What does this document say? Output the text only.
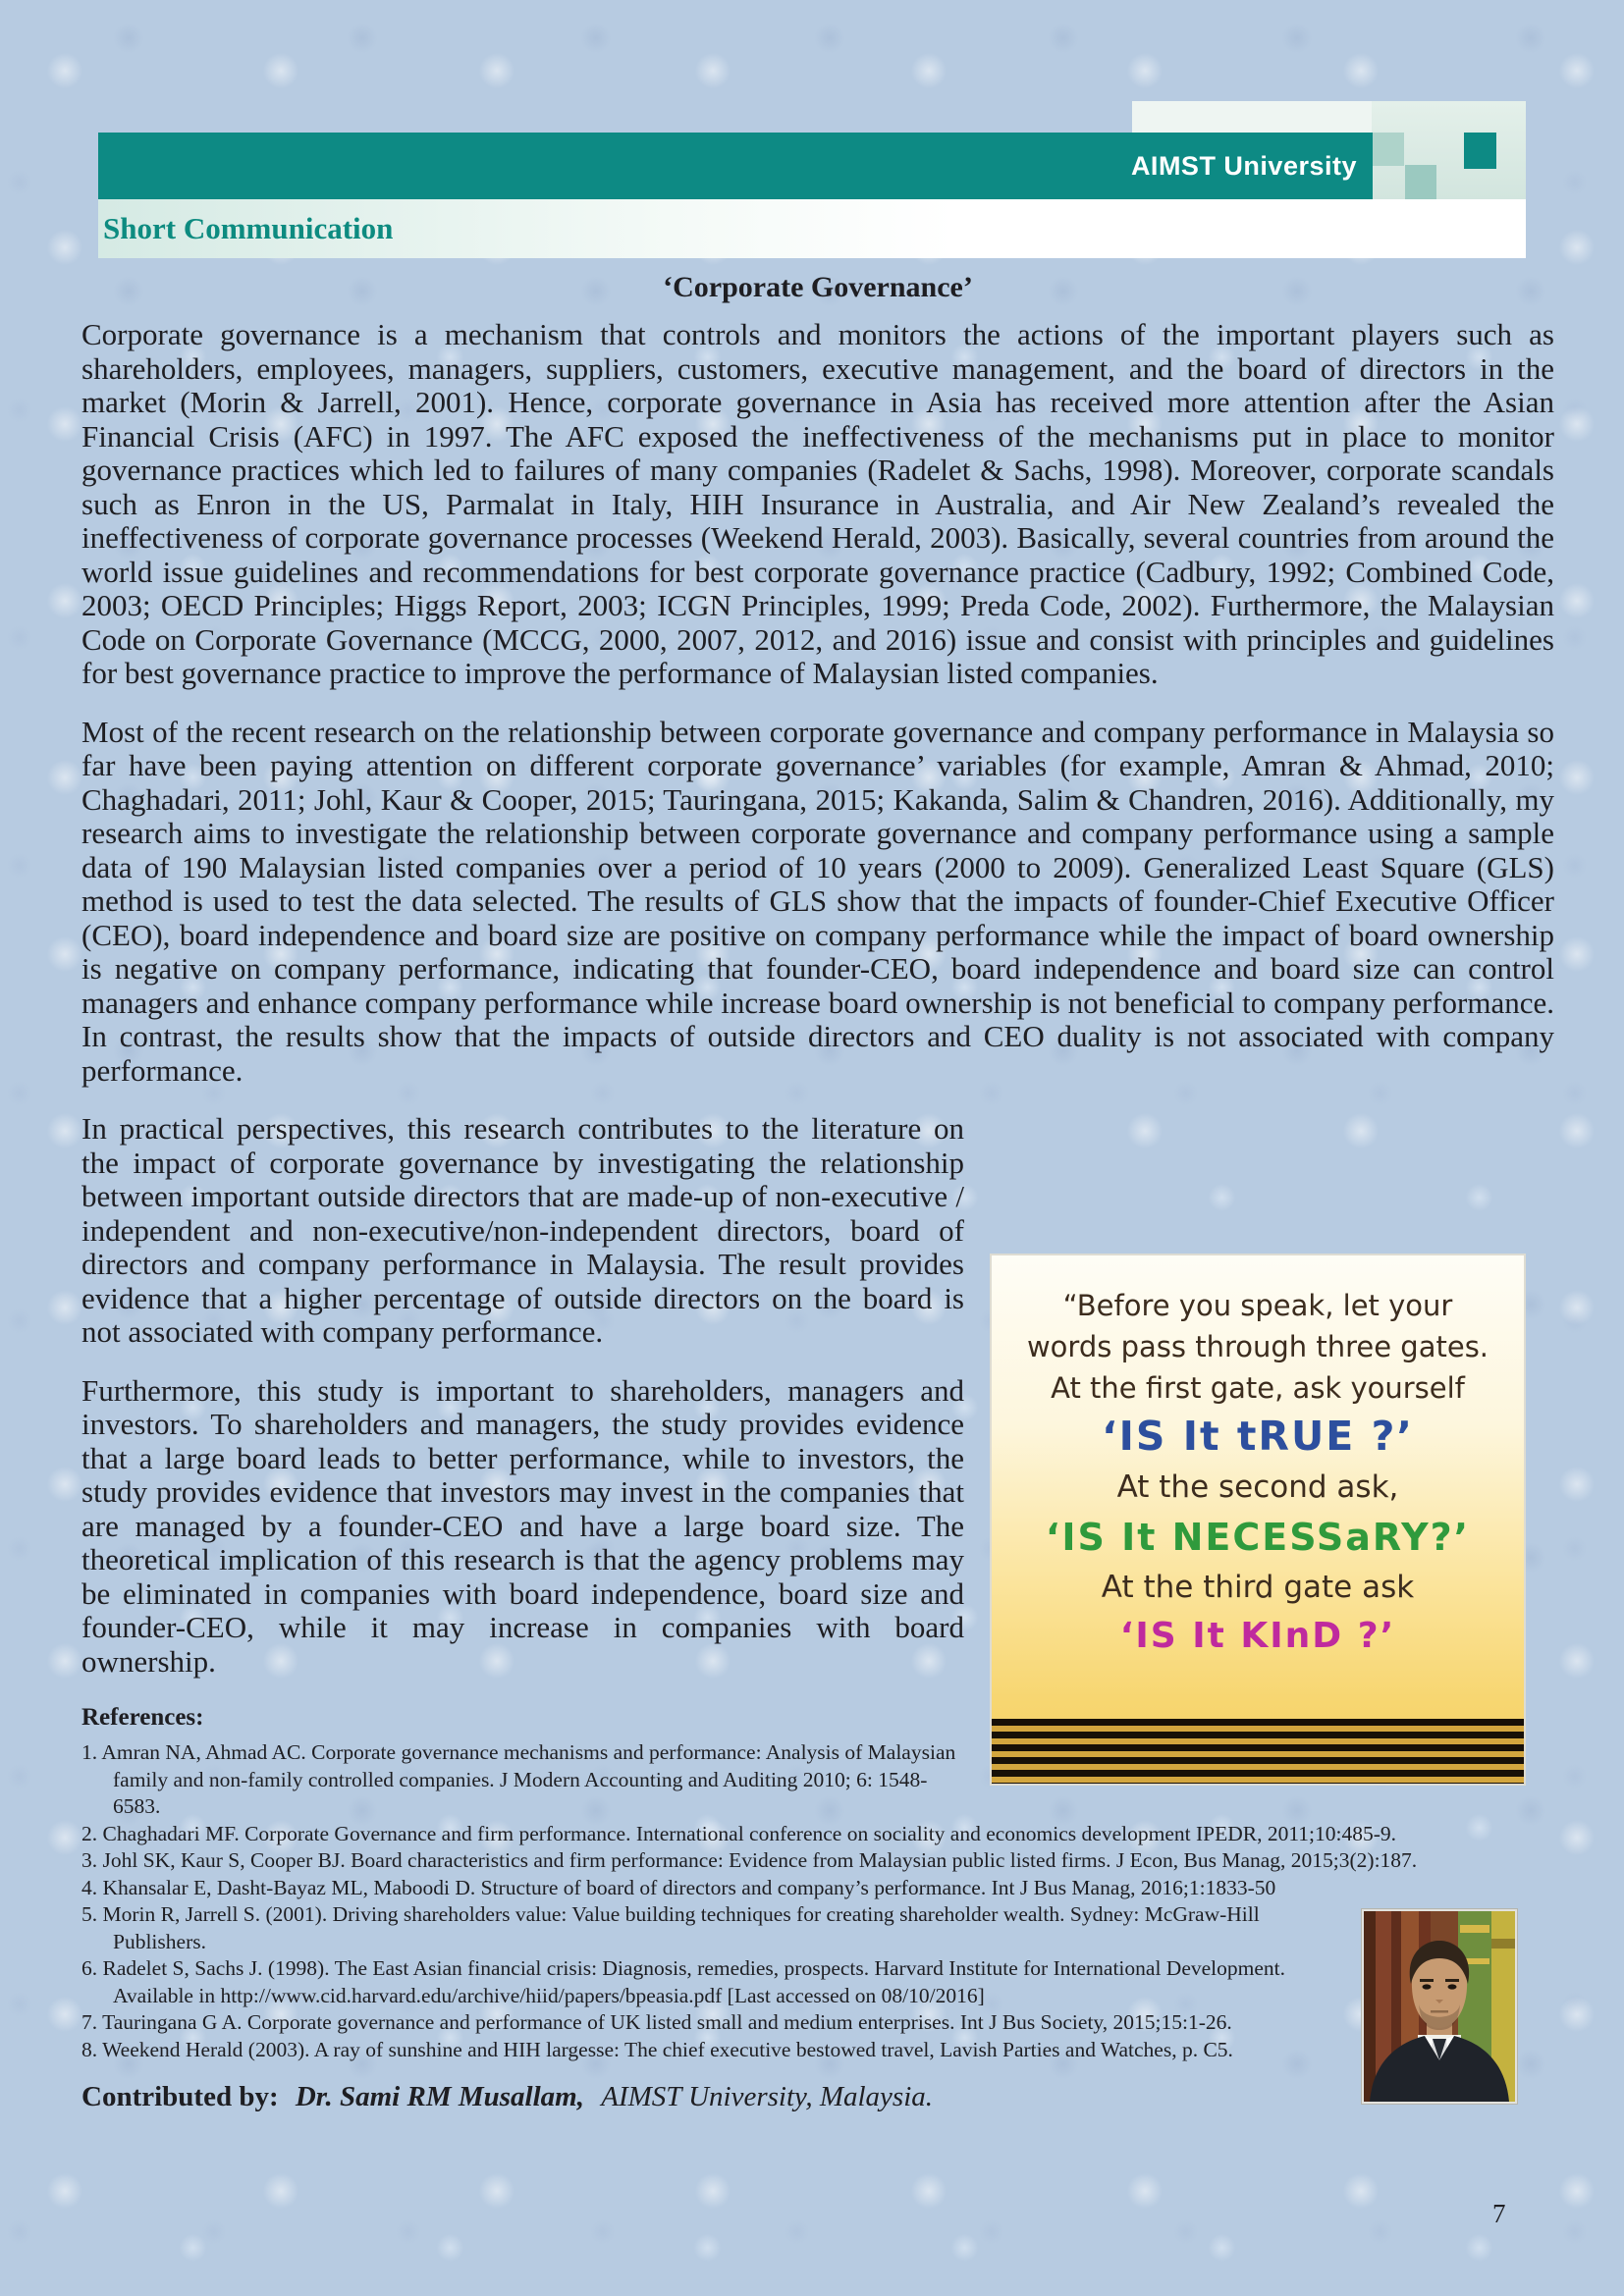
AIMST University
Short Communication
‘Corporate Governance’

Corporate governance is a mechanism that controls and monitors the actions of the important players such as shareholders, employees, managers, suppliers, customers, executive management, and the board of directors in the market (Morin & Jarrell, 2001). Hence, corporate governance in Asia has received more attention after the Asian Financial Crisis (AFC) in 1997. The AFC exposed the ineffectiveness of the mechanisms put in place to monitor governance practices which led to failures of many companies (Radelet & Sachs, 1998). Moreover, corporate scandals such as Enron in the US, Parmalat in Italy, HIH Insurance in Australia, and Air New Zealand’s revealed the ineffectiveness of corporate governance processes (Weekend Herald, 2003). Basically, several countries from around the world issue guidelines and recommendations for best corporate governance practice (Cadbury, 1992; Combined Code, 2003; OECD Principles; Higgs Report, 2003; ICGN Principles, 1999; Preda Code, 2002). Furthermore, the Malaysian Code on Corporate Governance (MCCG, 2000, 2007, 2012, and 2016) issue and consist with principles and guidelines for best governance practice to improve the performance of Malaysian listed companies.

Most of the recent research on the relationship between corporate governance and company performance in Malaysia so far have been paying attention on different corporate governance’ variables (for example, Amran & Ahmad, 2010; Chaghadari, 2011; Johl, Kaur & Cooper, 2015; Tauringana, 2015; Kakanda, Salim & Chandren, 2016). Additionally, my research aims to investigate the relationship between corporate governance and company performance using a sample data of 190 Malaysian listed companies over a period of 10 years (2000 to 2009). Generalized Least Square (GLS) method is used to test the data selected. The results of GLS show that the impacts of founder-Chief Executive Officer (CEO), board independence and board size are positive on company performance while the impact of board ownership is negative on company performance, indicating that founder-CEO, board independence and board size can control managers and enhance company performance while increase board ownership is not beneficial to company performance. In contrast, the results show that the impacts of outside directors and CEO duality is not associated with company performance.

“Before you speak, let your
words pass through three gates.
At the first gate, ask yourself
‘IS It tRUE ?’
At the second ask,
‘IS It NECESSaRY?’
At the third gate ask
‘IS It KInD ?’

In practical perspectives, this research contributes to the literature on the impact of corporate governance by investigating the relationship between important outside directors that are made-up of non-executive / independent and non-executive/non-independent directors, board of directors and company performance in Malaysia. The result provides evidence that a higher percentage of outside directors on the board is not associated with company performance.

Furthermore, this study is important to shareholders, managers and investors. To shareholders and managers, the study provides evidence that a large board leads to better performance, while to investors, the study provides evidence that investors may invest in the companies that are managed by a founder-CEO and have a large board size. The theoretical implication of this research is that the agency problems may be eliminated in companies with board independence, board size and founder-CEO, while it may increase in companies with board ownership.

References:
1. Amran NA, Ahmad AC. Corporate governance mechanisms and performance: Analysis of Malaysian family and non-family controlled companies. J Modern Accounting and Auditing 2010; 6: 1548-6583.
2. Chaghadari MF. Corporate Governance and firm performance. International conference on sociality and economics development IPEDR, 2011;10:485-9.
3. Johl SK, Kaur S, Cooper BJ. Board characteristics and firm performance: Evidence from Malaysian public listed firms. J Econ, Bus Manag, 2015;3(2):187.
4. Khansalar E, Dasht-Bayaz ML, Maboodi D. Structure of board of directors and company’s performance. Int J Bus Manag, 2016;1:1833-50
5. Morin R, Jarrell S. (2001). Driving shareholders value: Value building techniques for creating shareholder wealth. Sydney: McGraw-Hill Publishers.
6. Radelet S, Sachs J. (1998). The East Asian financial crisis: Diagnosis, remedies, prospects. Harvard Institute for International Development. Available in http://www.cid.harvard.edu/archive/hiid/papers/bpeasia.pdf [Last accessed on 08/10/2016]
7. Tauringana G A. Corporate governance and performance of UK listed small and medium enterprises. Int J Bus Society, 2015;15:1-26.
8. Weekend Herald (2003). A ray of sunshine and HIH largesse: The chief executive bestowed travel, Lavish Parties and Watches, p. C5.

Contributed by: Dr. Sami RM Musallam, AIMST University, Malaysia.

7
